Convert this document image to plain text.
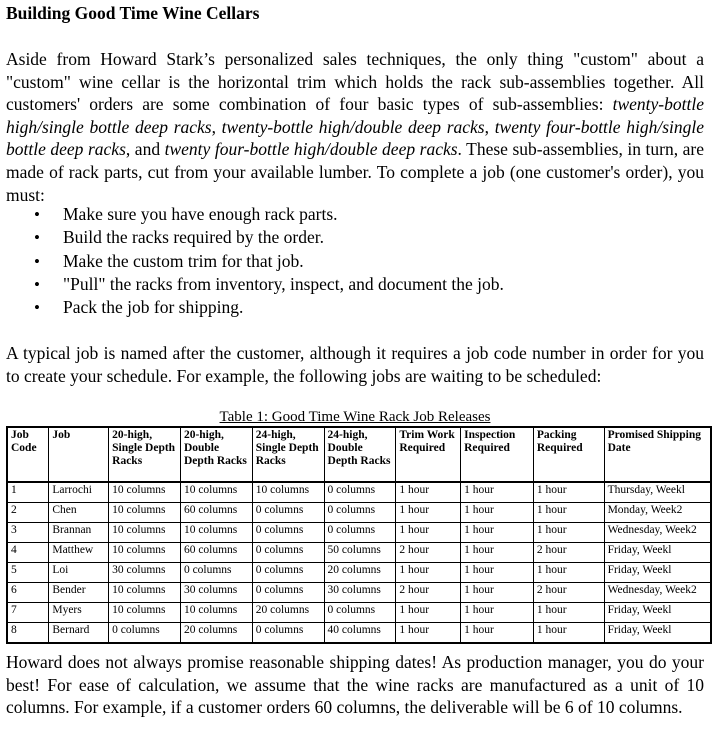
Building Good Time Wine Cellars

Aside from Howard Stark’s personalized sales techniques, the only thing "custom" about a "custom" wine cellar is the horizontal trim which holds the rack sub-assemblies together. All customers' orders are some combination of four basic types of sub-assemblies: twenty-bottle high/single bottle deep racks, twenty-bottle high/double deep racks, twenty four-bottle high/single bottle deep racks, and twenty four-bottle high/double deep racks. These sub-assemblies, in turn, are made of rack parts, cut from your available lumber. To complete a job (one customer's order), you must:

• Make sure you have enough rack parts.
• Build the racks required by the order.
• Make the custom trim for that job.
• "Pull" the racks from inventory, inspect, and document the job.
• Pack the job for shipping.

A typical job is named after the customer, although it requires a job code number in order for you to create your schedule. For example, the following jobs are waiting to be scheduled:

Table 1: Good Time Wine Rack Job Releases
Job Code	Job	20-high, Single Depth Racks	20-high, Double Depth Racks	24-high, Single Depth Racks	24-high, Double Depth Racks	Trim Work Required	Inspection Required	Packing Required	Promised Shipping Date
1	Larrochi	10 columns	10 columns	10 columns	0 columns	1 hour	1 hour	1 hour	Thursday, Weekl
2	Chen	10 columns	60 columns	0 columns	0 columns	1 hour	1 hour	1 hour	Monday, Week2
3	Brannan	10 columns	10 columns	0 columns	0 columns	1 hour	1 hour	1 hour	Wednesday, Week2
4	Matthew	10 columns	60 columns	0 columns	50 columns	2 hour	1 hour	2 hour	Friday, Weekl
5	Loi	30 columns	0 columns	0 columns	20 columns	1 hour	1 hour	1 hour	Friday, Weekl
6	Bender	10 columns	30 columns	0 columns	30 columns	2 hour	1 hour	2 hour	Wednesday, Week2
7	Myers	10 columns	10 columns	20 columns	0 columns	1 hour	1 hour	1 hour	Friday, Weekl
8	Bernard	0 columns	20 columns	0 columns	40 columns	1 hour	1 hour	1 hour	Friday, Weekl

Howard does not always promise reasonable shipping dates! As production manager, you do your best! For ease of calculation, we assume that the wine racks are manufactured as a unit of 10 columns. For example, if a customer orders 60 columns, the deliverable will be 6 of 10 columns.
